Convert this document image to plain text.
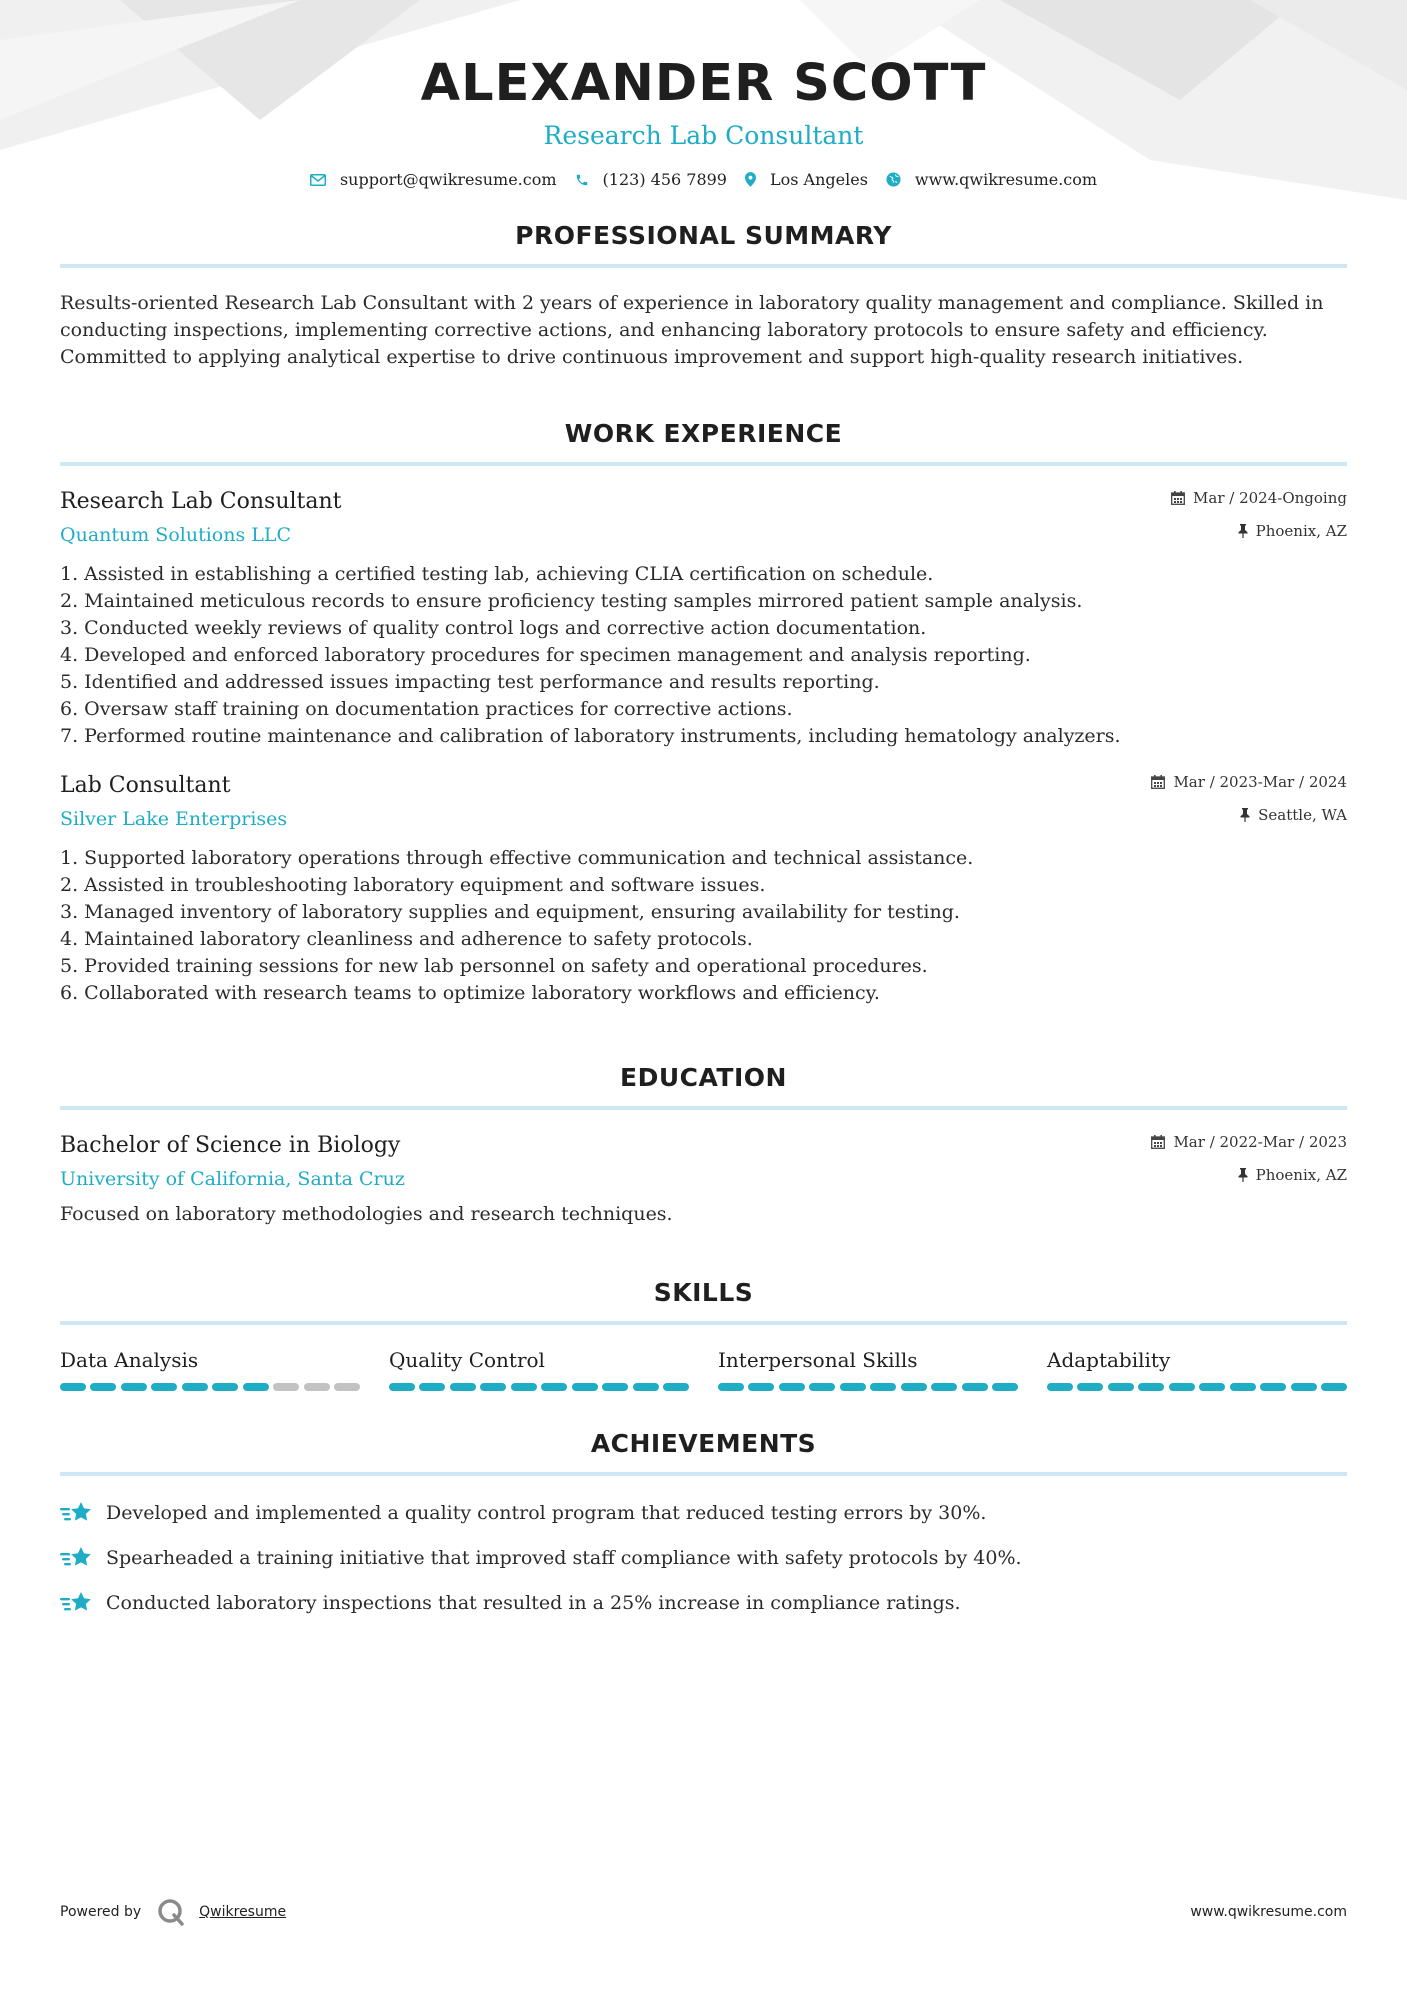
ALEXANDER SCOTT
Research Lab Consultant
support@qwikresume.com	(123) 456 7899	Los Angeles	www.qwikresume.com
PROFESSIONAL SUMMARY

Results-oriented Research Lab Consultant with 2 years of experience in laboratory quality management and compliance. Skilled in conducting inspections, implementing corrective actions, and enhancing laboratory protocols to ensure safety and efficiency. Committed to applying analytical expertise to drive continuous improvement and support high-quality research initiatives.

WORK EXPERIENCE
Research Lab Consultant
Quantum Solutions LLC
Mar / 2024-Ongoing
Phoenix, AZ
1. Assisted in establishing a certified testing lab, achieving CLIA certification on schedule.
2. Maintained meticulous records to ensure proficiency testing samples mirrored patient sample analysis.
3. Conducted weekly reviews of quality control logs and corrective action documentation.
4. Developed and enforced laboratory procedures for specimen management and analysis reporting.
5. Identified and addressed issues impacting test performance and results reporting.
6. Oversaw staff training on documentation practices for corrective actions.
7. Performed routine maintenance and calibration of laboratory instruments, including hematology analyzers.
Lab Consultant
Silver Lake Enterprises
Mar / 2023-Mar / 2024
Seattle, WA
1. Supported laboratory operations through effective communication and technical assistance.
2. Assisted in troubleshooting laboratory equipment and software issues.
3. Managed inventory of laboratory supplies and equipment, ensuring availability for testing.
4. Maintained laboratory cleanliness and adherence to safety protocols.
5. Provided training sessions for new lab personnel on safety and operational procedures.
6. Collaborated with research teams to optimize laboratory workflows and efficiency.
EDUCATION
Bachelor of Science in Biology
University of California, Santa Cruz
Mar / 2022-Mar / 2023
Phoenix, AZ

Focused on laboratory methodologies and research techniques.

SKILLS
Data Analysis	Quality Control	Interpersonal Skills	Adaptability
ACHIEVEMENTS
Developed and implemented a quality control program that reduced testing errors by 30%.
Spearheaded a training initiative that improved staff compliance with safety protocols by 40%.
Conducted laboratory inspections that resulted in a 25% increase in compliance ratings.
Powered by	Qwikresume	www.qwikresume.com
